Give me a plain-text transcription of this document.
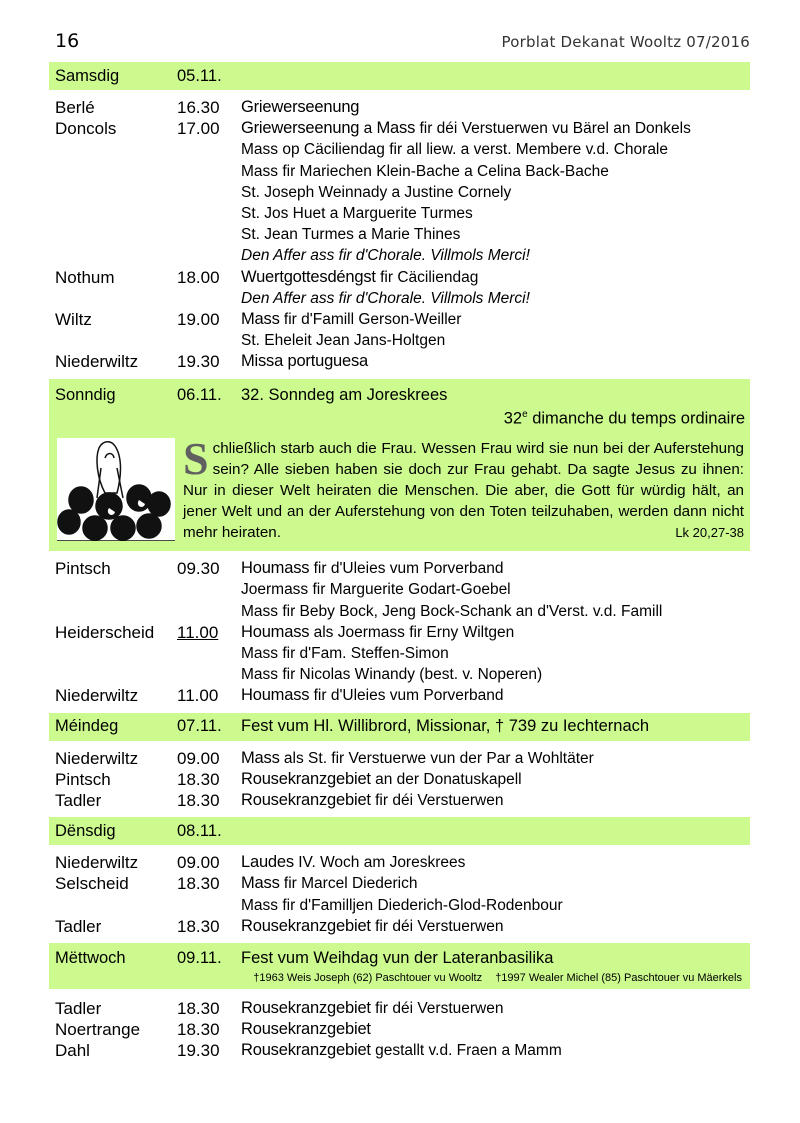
16	Porblat Dekanat Wooltz 07/2016
Samsdig	05.11.
Berlé	16.30	Griewerseenung
Doncols	17.00	Griewerseenung a Mass fir déi Verstuerwen vu Bärel an Donkels
Mass op Cäciliendag fir all liew. a verst. Membere v.d. Chorale
Mass fir Mariechen Klein-Bache a Celina Back-Bache
St. Joseph Weinnady a Justine Cornely
St. Jos Huet a Marguerite Turmes
St. Jean Turmes a Marie Thines
Den Affer ass fir d'Chorale. Villmols Merci!
Nothum	18.00	Wuertgottesdéngst fir Cäciliendag
Den Affer ass fir d'Chorale. Villmols Merci!
Wiltz	19.00	Mass fir d'Famill Gerson-Weiller
St. Eheleit Jean Jans-Holtgen
Niederwiltz	19.30	Missa portuguesa
Sonndig	06.11.	32. Sonndeg am Joreskrees
32e dimanche du temps ordinaire
Schließlich starb auch die Frau. Wessen Frau wird sie nun bei der Auferstehung sein? Alle sieben haben sie doch zur Frau gehabt. Da sagte Jesus zu ihnen: Nur in dieser Welt heiraten die Menschen. Die aber, die Gott für würdig hält, an jener Welt und an der Auferstehung von den Toten teilzuhaben, werden dann nicht mehr heiraten.	Lk 20,27-38
Pintsch	09.30	Houmass fir d'Uleies vum Porverband
Joermass fir Marguerite Godart-Goebel
Mass fir Beby Bock, Jeng Bock-Schank an d'Verst. v.d. Famill
Heiderscheid	11.00	Houmass als Joermass fir Erny Wiltgen
Mass fir d'Fam. Steffen-Simon
Mass fir Nicolas Winandy (best. v. Noperen)
Niederwiltz	11.00	Houmass fir d'Uleies vum Porverband
Méindeg	07.11.	Fest vum Hl. Willibrord, Missionar, † 739 zu Iechternach
Niederwiltz	09.00	Mass als St. fir Verstuerwe vun der Par a Wohltäter
Pintsch	18.30	Rousekranzgebiet an der Donatuskapell
Tadler	18.30	Rousekranzgebiet fir déi Verstuerwen
Dënsdig	08.11.
Niederwiltz	09.00	Laudes IV. Woch am Joreskrees
Selscheid	18.30	Mass fir Marcel Diederich
Mass fir d'Familljen Diederich-Glod-Rodenbour
Tadler	18.30	Rousekranzgebiet fir déi Verstuerwen
Mëttwoch	09.11.	Fest vum Weihdag vun der Lateranbasilika
†1963 Weis Joseph (62) Paschtouer vu Wooltz †1997 Wealer Michel (85) Paschtouer vu Mäerkels
Tadler	18.30	Rousekranzgebiet fir déi Verstuerwen
Noertrange	18.30	Rousekranzgebiet
Dahl	19.30	Rousekranzgebiet gestallt v.d. Fraen a Mamm
